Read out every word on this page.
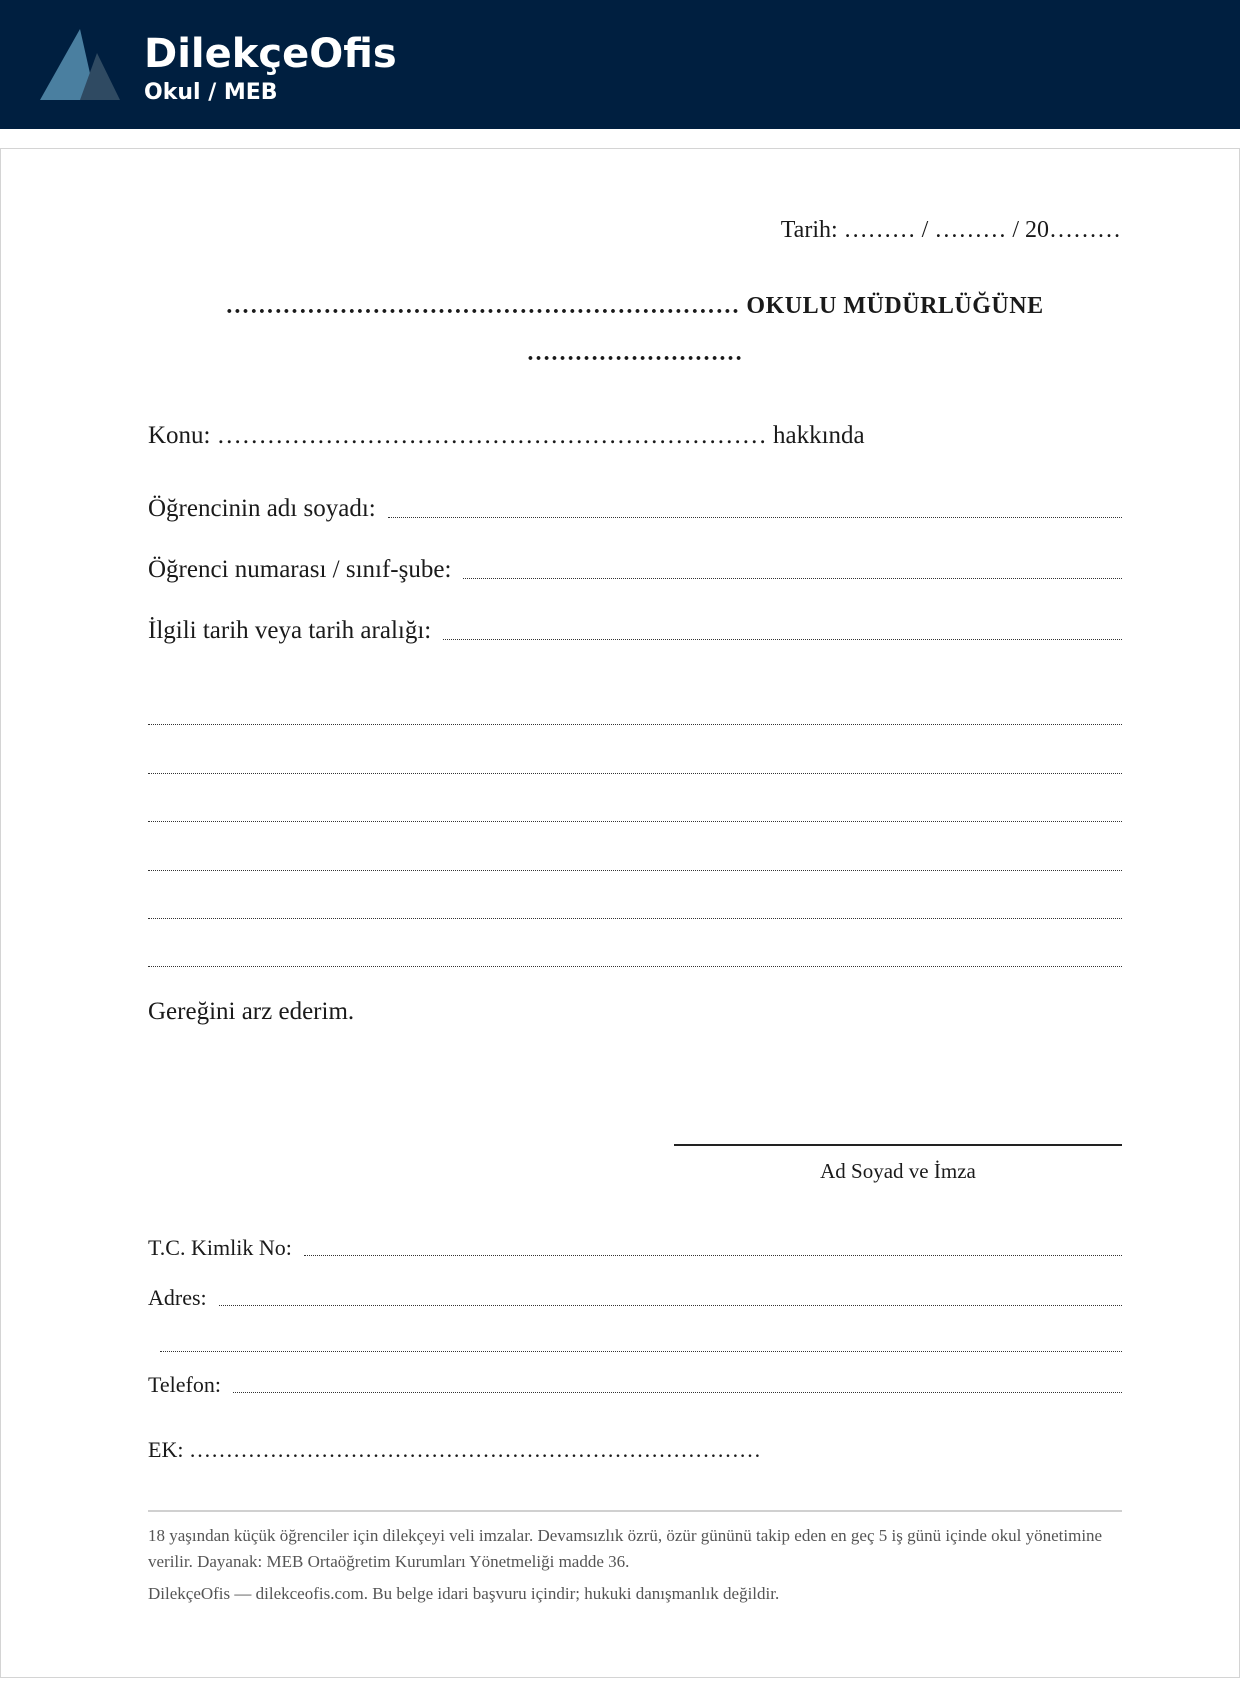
DilekçeOfis
Okul / MEB
Tarih: ……… / ……… / 20………
……………………………………………………… OKULU MÜDÜRLÜĞÜNE
………………………
Konu: ………………………………………………………… hakkında
Öğrencinin adı soyadı:
Öğrenci numarası / sınıf-şube:
İlgili tarih veya tarih aralığı:
Gereğini arz ederim.
Ad Soyad ve İmza
T.C. Kimlik No:
Adres:
Telefon:
EK: ……………………………………………………………………
18 yaşından küçük öğrenciler için dilekçeyi veli imzalar. Devamsızlık özrü, özür gününü takip eden en geç 5 iş günü içinde okul yönetimine verilir. Dayanak: MEB Ortaöğretim Kurumları Yönetmeliği madde 36.
DilekçeOfis — dilekceofis.com. Bu belge idari başvuru içindir; hukuki danışmanlık değildir.
